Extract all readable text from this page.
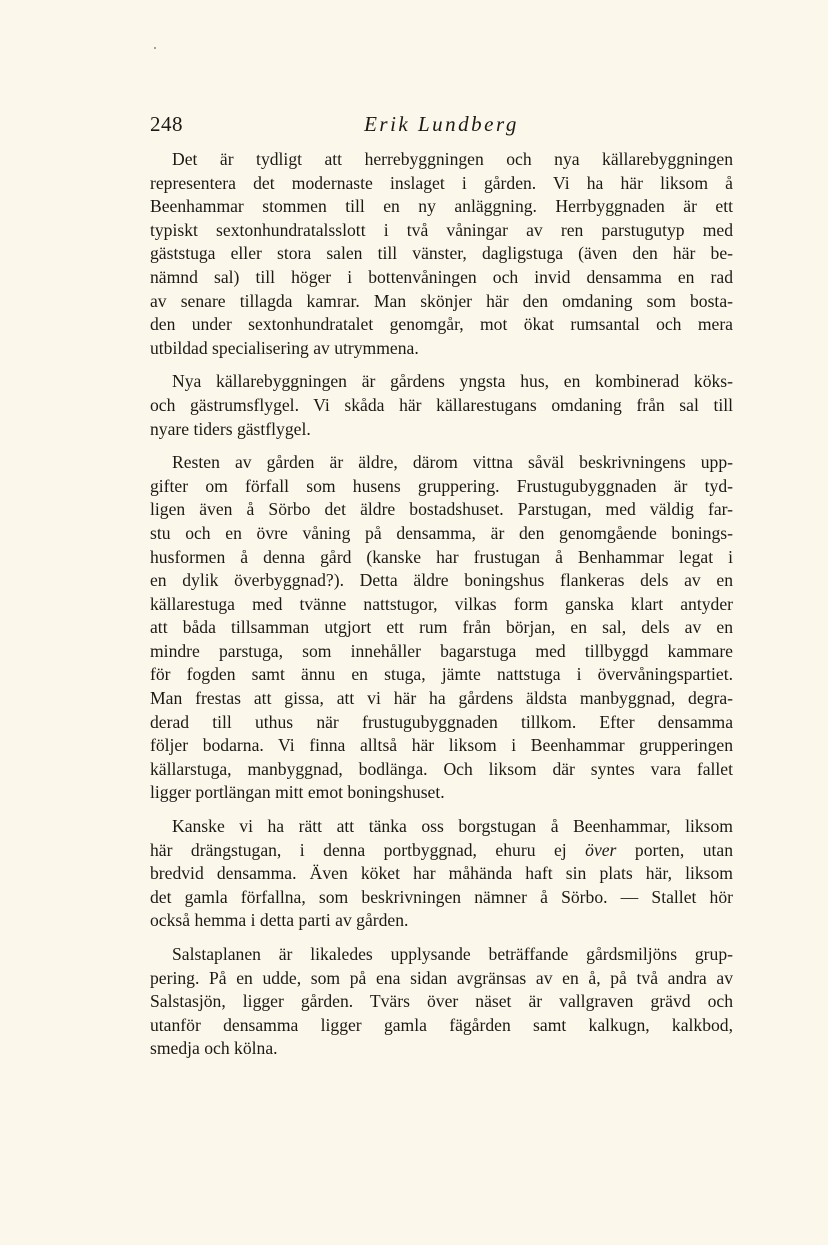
248	Erik Lundberg

Det är tydligt att herrebyggningen och nya källarebyggningen
representera det modernaste inslaget i gården. Vi ha här liksom å
Beenhammar stommen till en ny anläggning. Herrbyggnaden är ett
typiskt sextonhundratalsslott i två våningar av ren parstugutyp med
gäststuga eller stora salen till vänster, dagligstuga (även den här be-
nämnd sal) till höger i bottenvåningen och invid densamma en rad
av senare tillagda kamrar. Man skönjer här den omdaning som bosta-
den under sextonhundratalet genomgår, mot ökat rumsantal och mera
utbildad specialisering av utrymmena.

Nya källarebyggningen är gårdens yngsta hus, en kombinerad köks-
och gästrumsflygel. Vi skåda här källarestugans omdaning från sal till
nyare tiders gästflygel.

Resten av gården är äldre, därom vittna såväl beskrivningens upp-
gifter om förfall som husens gruppering. Frustugubyggnaden är tyd-
ligen även å Sörbo det äldre bostadshuset. Parstugan, med väldig far-
stu och en övre våning på densamma, är den genomgående bonings-
husformen å denna gård (kanske har frustugan å Benhammar legat i
en dylik överbyggnad?). Detta äldre boningshus flankeras dels av en
källarestuga med tvänne nattstugor, vilkas form ganska klart antyder
att båda tillsamman utgjort ett rum från början, en sal, dels av en
mindre parstuga, som innehåller bagarstuga med tillbyggd kammare
för fogden samt ännu en stuga, jämte nattstuga i övervåningspartiet.
Man frestas att gissa, att vi här ha gårdens äldsta manbyggnad, degra-
derad till uthus när frustugubyggnaden tillkom. Efter densamma
följer bodarna. Vi finna alltså här liksom i Beenhammar grupperingen
källarstuga, manbyggnad, bodlänga. Och liksom där syntes vara fallet
ligger portlängan mitt emot boningshuset.

Kanske vi ha rätt att tänka oss borgstugan å Beenhammar, liksom
här drängstugan, i denna portbyggnad, ehuru ej över porten, utan
bredvid densamma. Även köket har måhända haft sin plats här, liksom
det gamla förfallna, som beskrivningen nämner å Sörbo. — Stallet hör
också hemma i detta parti av gården.

Salstaplanen är likaledes upplysande beträffande gårdsmiljöns grup-
pering. På en udde, som på ena sidan avgränsas av en å, på två andra av
Salstasjön, ligger gården. Tvärs över näset är vallgraven grävd och
utanför densamma ligger gamla fägården samt kalkugn, kalkbod,
smedja och kölna.
